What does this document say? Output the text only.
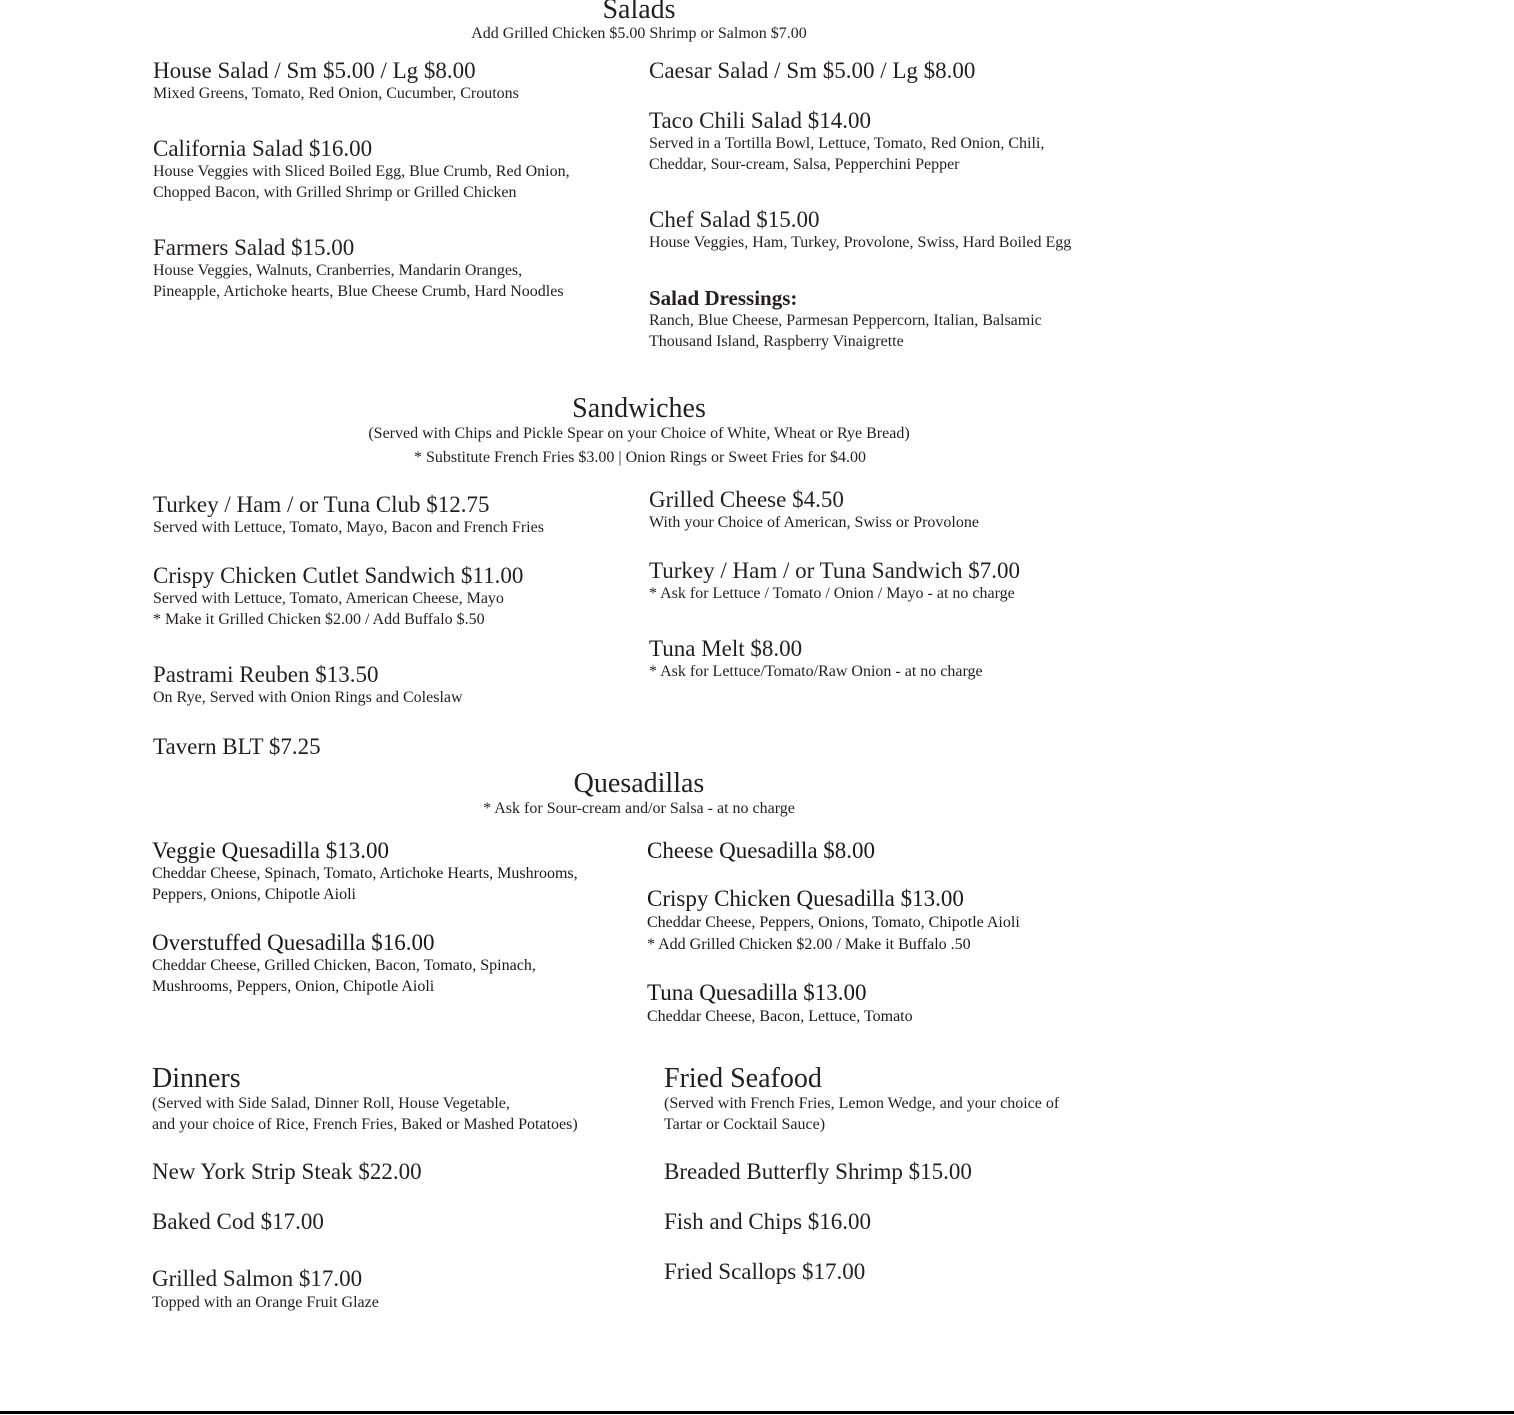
Salads
Add Grilled Chicken $5.00 Shrimp or Salmon $7.00
House Salad / Sm $5.00 / Lg $8.00
Mixed Greens, Tomato, Red Onion, Cucumber, Croutons
California Salad $16.00
House Veggies with Sliced Boiled Egg, Blue Crumb, Red Onion,
Chopped Bacon, with Grilled Shrimp or Grilled Chicken
Farmers Salad $15.00
House Veggies, Walnuts, Cranberries, Mandarin Oranges,
Pineapple, Artichoke hearts, Blue Cheese Crumb, Hard Noodles
Caesar Salad / Sm $5.00 / Lg $8.00
Taco Chili Salad $14.00
Served in a Tortilla Bowl, Lettuce, Tomato, Red Onion, Chili,
Cheddar, Sour-cream, Salsa, Pepperchini Pepper
Chef Salad $15.00
House Veggies, Ham, Turkey, Provolone, Swiss, Hard Boiled Egg
Salad Dressings:
Ranch, Blue Cheese, Parmesan Peppercorn, Italian, Balsamic
Thousand Island, Raspberry Vinaigrette
Sandwiches
(Served with Chips and Pickle Spear on your Choice of White, Wheat or Rye Bread)
* Substitute French Fries $3.00 | Onion Rings or Sweet Fries for $4.00
Turkey / Ham / or Tuna Club $12.75
Served with Lettuce, Tomato, Mayo, Bacon and French Fries
Crispy Chicken Cutlet Sandwich $11.00
Served with Lettuce, Tomato, American Cheese, Mayo
* Make it Grilled Chicken $2.00 / Add Buffalo $.50
Pastrami Reuben $13.50
On Rye, Served with Onion Rings and Coleslaw
Tavern BLT $7.25
Grilled Cheese $4.50
With your Choice of American, Swiss or Provolone
Turkey / Ham / or Tuna Sandwich $7.00
* Ask for Lettuce / Tomato / Onion / Mayo - at no charge
Tuna Melt $8.00
* Ask for Lettuce/Tomato/Raw Onion - at no charge
Quesadillas
* Ask for Sour-cream and/or Salsa - at no charge
Veggie Quesadilla $13.00
Cheddar Cheese, Spinach, Tomato, Artichoke Hearts, Mushrooms,
Peppers, Onions, Chipotle Aioli
Overstuffed Quesadilla $16.00
Cheddar Cheese, Grilled Chicken, Bacon, Tomato, Spinach,
Mushrooms, Peppers, Onion, Chipotle Aioli
Cheese Quesadilla $8.00
Crispy Chicken Quesadilla $13.00
Cheddar Cheese, Peppers, Onions, Tomato, Chipotle Aioli
* Add Grilled Chicken $2.00 / Make it Buffalo .50
Tuna Quesadilla $13.00
Cheddar Cheese, Bacon, Lettuce, Tomato
Dinners
(Served with Side Salad, Dinner Roll, House Vegetable,
and your choice of Rice, French Fries, Baked or Mashed Potatoes)
New York Strip Steak $22.00
Baked Cod $17.00
Grilled Salmon $17.00
Topped with an Orange Fruit Glaze
Fried Seafood
(Served with French Fries, Lemon Wedge, and your choice of
Tartar or Cocktail Sauce)
Breaded Butterfly Shrimp $15.00
Fish and Chips $16.00
Fried Scallops $17.00
